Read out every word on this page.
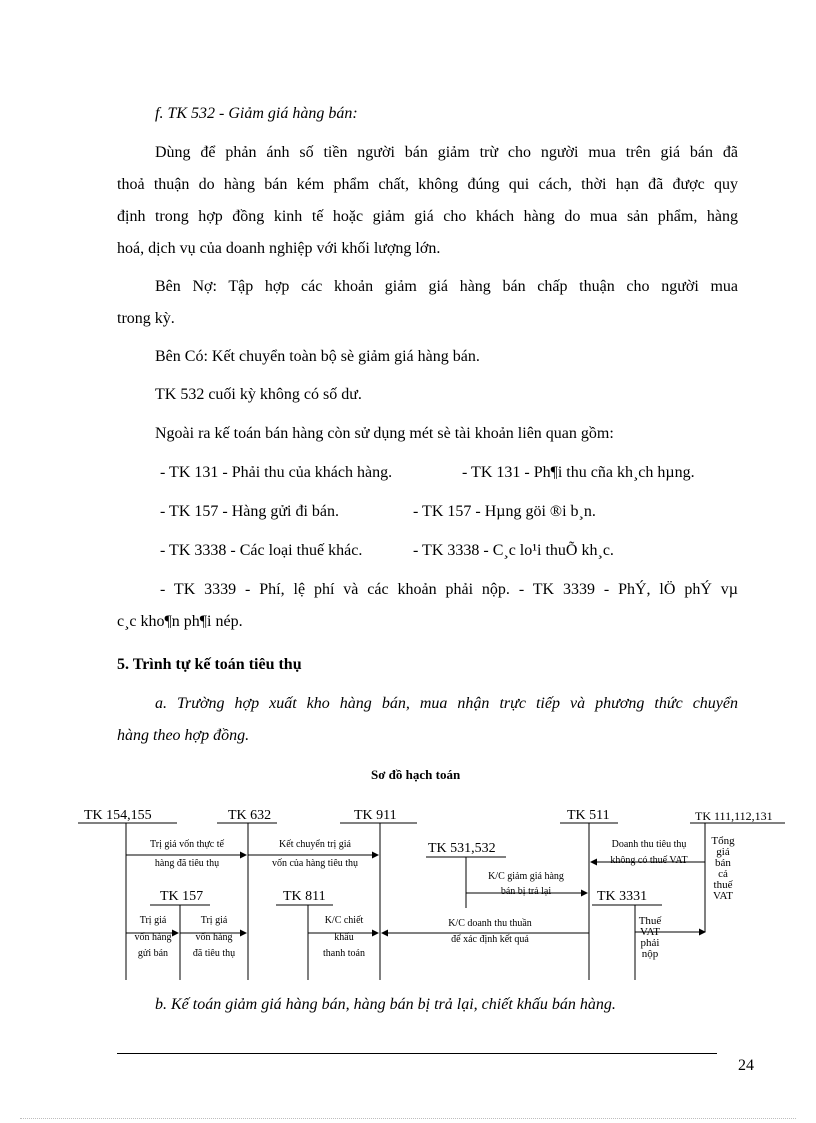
f. TK 532 - Giảm giá hàng bán:
Dùng để phản ánh số tiền người bán giảm trừ cho người mua trên giá bán đã
thoả thuận do hàng bán kém phẩm chất, không đúng qui cách, thời hạn đã được quy
định trong hợp đồng kinh tế hoặc giảm giá cho khách hàng do mua sản phẩm, hàng
hoá, dịch vụ của doanh nghiệp với khối lượng lớn.
Bên Nợ: Tập hợp các khoản giảm giá hàng bán chấp thuận cho người mua
trong kỳ.
Bên Có: Kết chuyển toàn bộ sè giảm giá hàng bán.
TK 532 cuối kỳ không có số dư.
Ngoài ra kế toán bán hàng còn sử dụng mét sè tài khoản liên quan gồm:
- TK 131 - Phải thu của khách hàng.	- TK 131 - Ph¶i thu cña kh¸ch hµng.
- TK 157 - Hàng gửi đi bán.	- TK 157 - Hµng göi ®i b¸n.
- TK 3338 - Các loại thuế khác.	- TK 3338 - C¸c lo¹i thuÕ kh¸c.
- TK 3339 - Phí, lệ phí và các khoản phải nộp. - TK 3339 - PhÝ, lÖ phÝ vµ
c¸c kho¶n ph¶i nép.
5. Trình tự kế toán tiêu thụ
a. Trường hợp xuất kho hàng bán, mua nhận trực tiếp và phương thức chuyển
hàng theo hợp đồng.
Sơ đồ hạch toán
TK 154,155	TK 632	TK 911	TK 511	TK 111,112,131
TK 531,532
TK 157	TK 811	TK 3331
Trị giá vốn thực tế
hàng đã tiêu thụ
Kết chuyển trị giá
vốn của hàng tiêu thụ
K/C giảm giá hàng
bán bị trả lại
Doanh thu tiêu thụ
không có thuế VAT
Trị giá
vốn hàng
gửi bán
Trị giá
vốn hàng
đã tiêu thụ
K/C chiết
khấu
thanh toán
K/C doanh thu thuần
để xác định kết quả
Thuế
VAT
phải
nộp
Tổng
giá
bán
cả
thuế
VAT
b. Kế toán giảm giá hàng bán, hàng bán bị trả lại, chiết khấu bán hàng.
24
